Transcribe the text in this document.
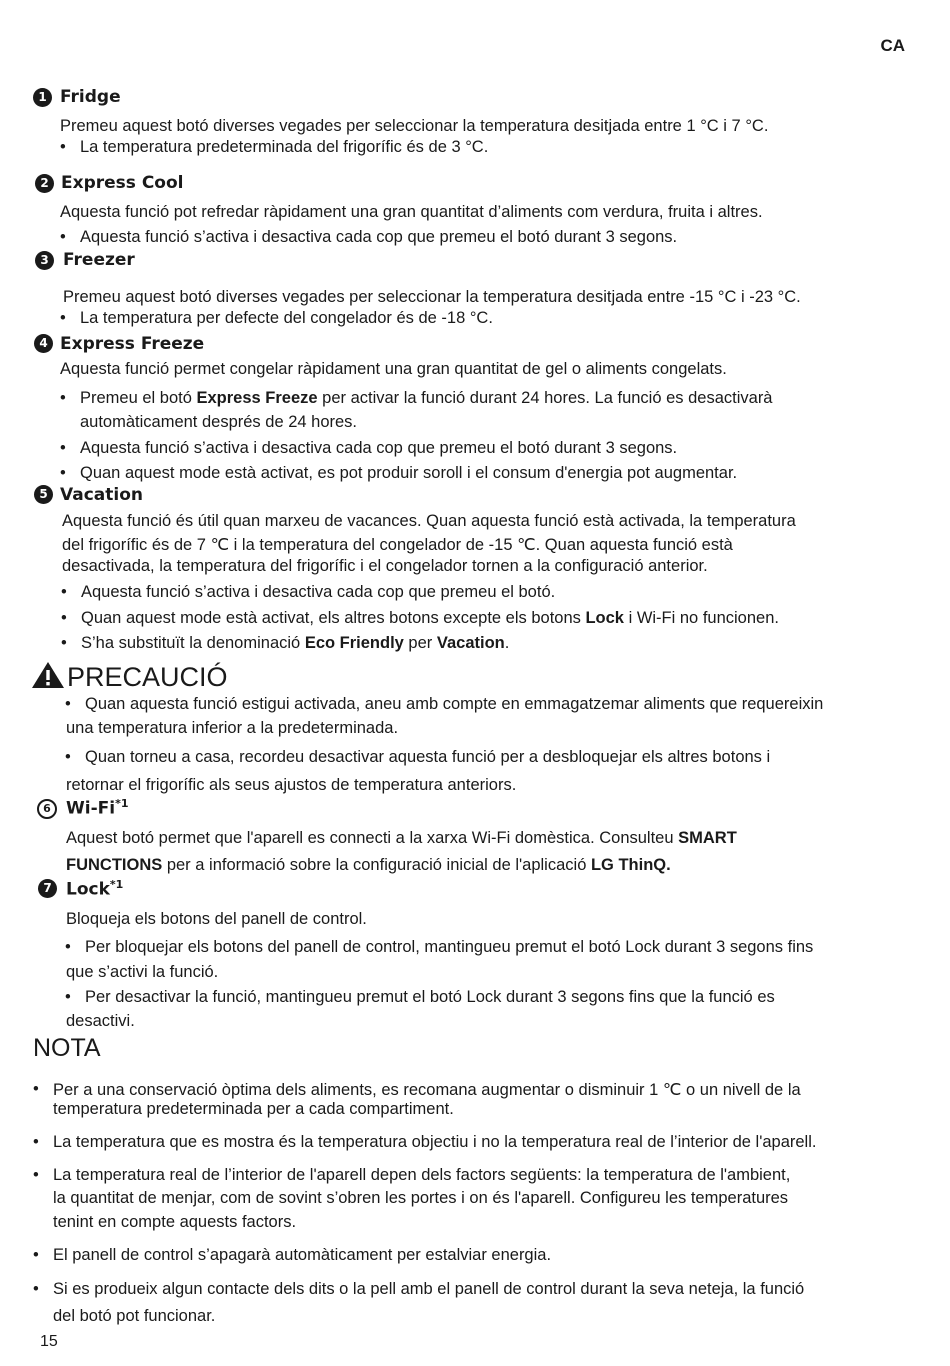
CA
1 Fridge
Premeu aquest botó diverses vegades per seleccionar la temperatura desitjada entre 1 °C i 7 °C.
• La temperatura predeterminada del frigorífic és de 3 °C.
2 Express Cool
Aquesta funció pot refredar ràpidament una gran quantitat d’aliments com verdura, fruita i altres.
• Aquesta funció s’activa i desactiva cada cop que premeu el botó durant 3 segons.
3 Freezer
Premeu aquest botó diverses vegades per seleccionar la temperatura desitjada entre -15 °C i -23 °C.
• La temperatura per defecte del congelador és de -18 °C.
4 Express Freeze
Aquesta funció permet congelar ràpidament una gran quantitat de gel o aliments congelats.
• Premeu el botó Express Freeze per activar la funció durant 24 hores. La funció es desactivarà
automàticament després de 24 hores.
• Aquesta funció s’activa i desactiva cada cop que premeu el botó durant 3 segons.
• Quan aquest mode està activat, es pot produir soroll i el consum d'energia pot augmentar.
5 Vacation
Aquesta funció és útil quan marxeu de vacances. Quan aquesta funció està activada, la temperatura
del frigorífic és de 7 ℃ i la temperatura del congelador de -15 ℃. Quan aquesta funció està
desactivada, la temperatura del frigorífic i el congelador tornen a la configuració anterior.
• Aquesta funció s’activa i desactiva cada cop que premeu el botó.
• Quan aquest mode està activat, els altres botons excepte els botons Lock i Wi-Fi no funcionen.
• S’ha substituït la denominació Eco Friendly per Vacation.
PRECAUCIÓ
• Quan aquesta funció estigui activada, aneu amb compte en emmagatzemar aliments que requereixin
una temperatura inferior a la predeterminada.
• Quan torneu a casa, recordeu desactivar aquesta funció per a desbloquejar els altres botons i
retornar el frigorífic als seus ajustos de temperatura anteriors.
6 Wi-Fi$^{*1}$
Aquest botó permet que l'aparell es connecti a la xarxa Wi-Fi domèstica. Consulteu SMART
FUNCTIONS per a informació sobre la configuració inicial de l'aplicació LG ThinQ.
7 Lock$^{*1}$
Bloqueja els botons del panell de control.
• Per bloquejar els botons del panell de control, mantingueu premut el botó Lock durant 3 segons fins
que s’activi la funció.
• Per desactivar la funció, mantingueu premut el botó Lock durant 3 segons fins que la funció es
desactivi.
NOTA
• Per a una conservació òptima dels aliments, es recomana augmentar o disminuir 1 ℃ o un nivell de la
temperatura predeterminada per a cada compartiment.
• La temperatura que es mostra és la temperatura objectiu i no la temperatura real de l’interior de l'aparell.
• La temperatura real de l’interior de l'aparell depen dels factors següents: la temperatura de l'ambient,
la quantitat de menjar, com de sovint s’obren les portes i on és l'aparell. Configureu les temperatures
tenint en compte aquests factors.
• El panell de control s’apagarà automàticament per estalviar energia.
• Si es produeix algun contacte dels dits o la pell amb el panell de control durant la seva neteja, la funció
del botó pot funcionar.
15
